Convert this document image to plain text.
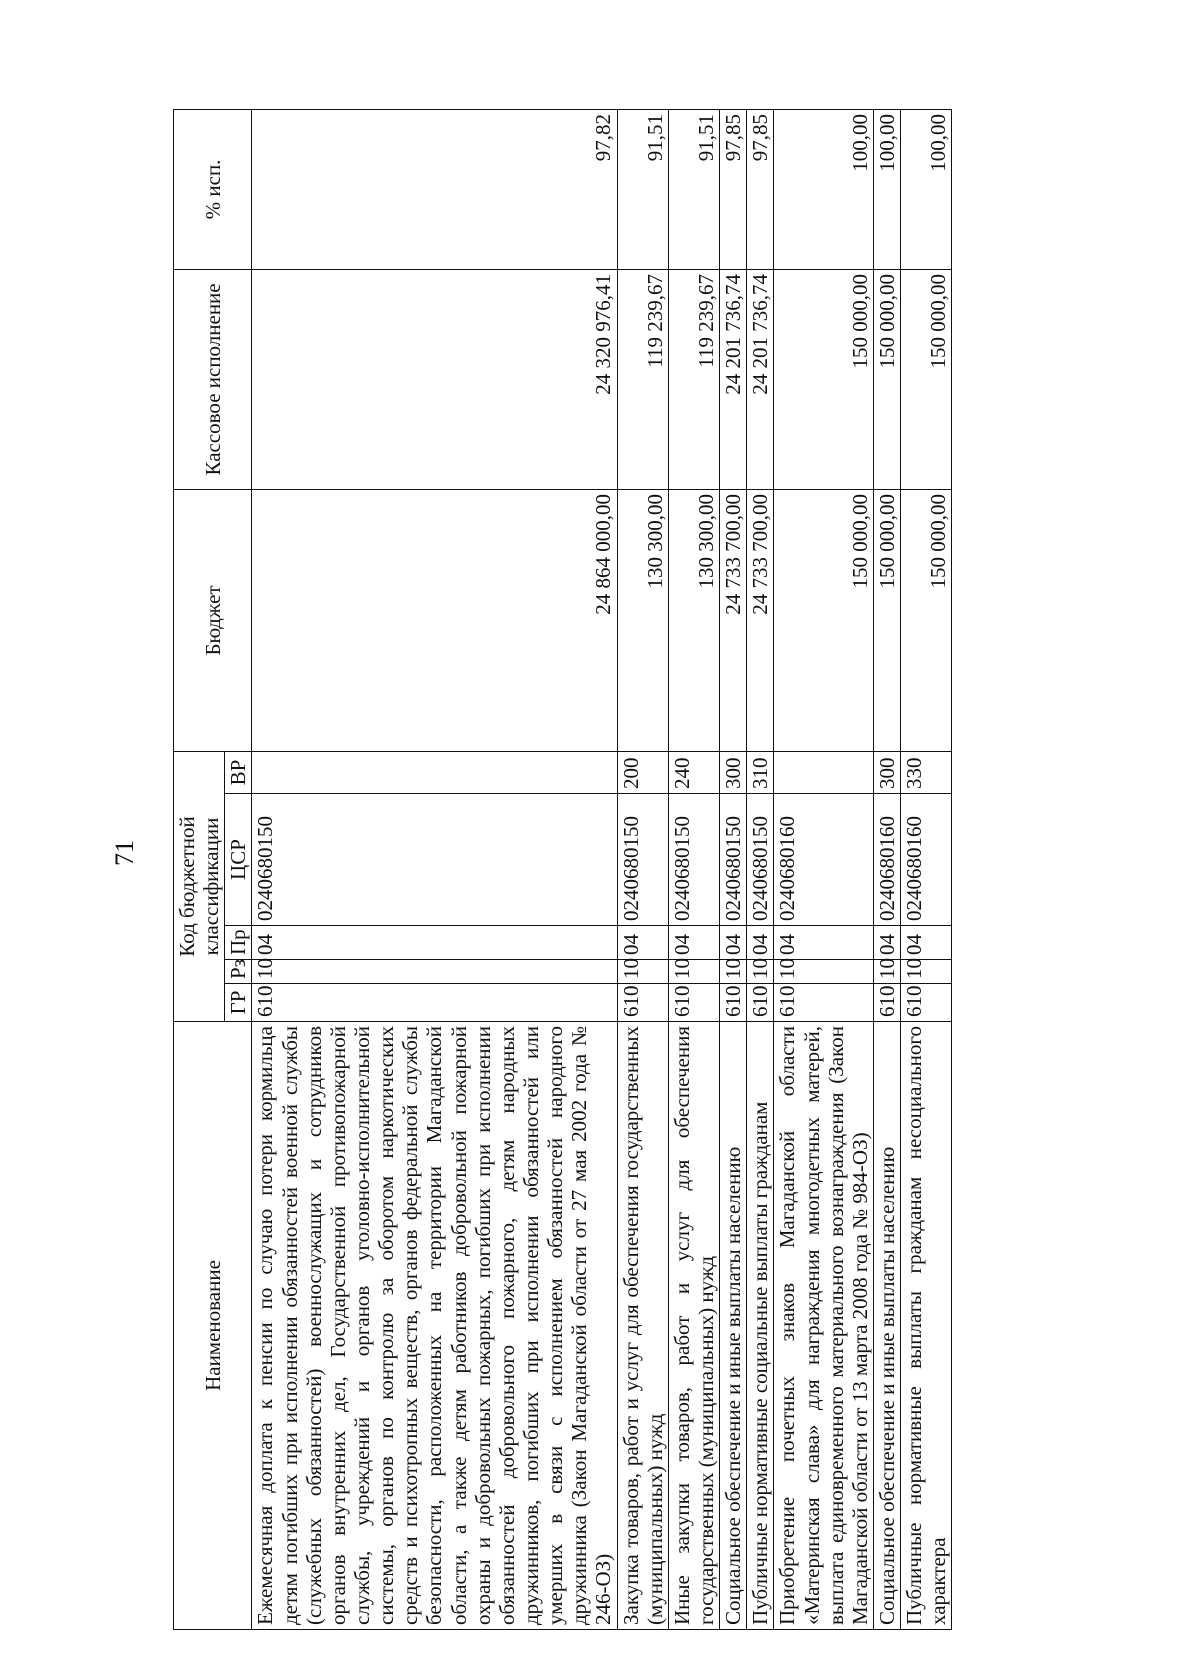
71
Наименование	Код бюджетной классификации					Бюджет	Кассовое исполнение	% исп.
	ГР	Рз	Пр	ЦСР	ВР			
Ежемесячная доплата к пенсии по случаю потери кормильца детям погибших при исполнении обязанностей военной службы (служебных обязанностей) военнослужащих и сотрудников органов внутренних дел, Государственной противопожарной службы, учреждений и органов уголовно-исполнительной системы, органов по контролю за оборотом наркотических средств и психотропных веществ, органов федеральной службы безопасности, расположенных на территории Магаданской области, а также детям работников добровольной пожарной охраны и добровольных пожарных, погибших при исполнении обязанностей добровольного пожарного, детям народных дружинников, погибших при исполнении обязанностей или умерших в связи с исполнением обязанностей народного дружинника (Закон Магаданской области от 27 мая 2002 года № 246-ОЗ)	610	10	04	0240680150		24 864 000,00	24 320 976,41	97,82
Закупка товаров, работ и услуг для обеспечения государственных (муниципальных) нужд	610	10	04	0240680150	200	130 300,00	119 239,67	91,51
Иные закупки товаров, работ и услуг для обеспечения государственных (муниципальных) нужд	610	10	04	0240680150	240	130 300,00	119 239,67	91,51
Социальное обеспечение и иные выплаты населению	610	10	04	0240680150	300	24 733 700,00	24 201 736,74	97,85
Публичные нормативные социальные выплаты гражданам	610	10	04	0240680150	310	24 733 700,00	24 201 736,74	97,85
Приобретение почетных знаков Магаданской области «Материнская слава» для награждения многодетных матерей, выплата единовременного материального вознаграждения (Закон Магаданской области от 13 марта 2008 года № 984-ОЗ)	610	10	04	0240680160		150 000,00	150 000,00	100,00
Социальное обеспечение и иные выплаты населению	610	10	04	0240680160	300	150 000,00	150 000,00	100,00
Публичные нормативные выплаты гражданам несоциального характера	610	10	04	0240680160	330	150 000,00	150 000,00	100,00
